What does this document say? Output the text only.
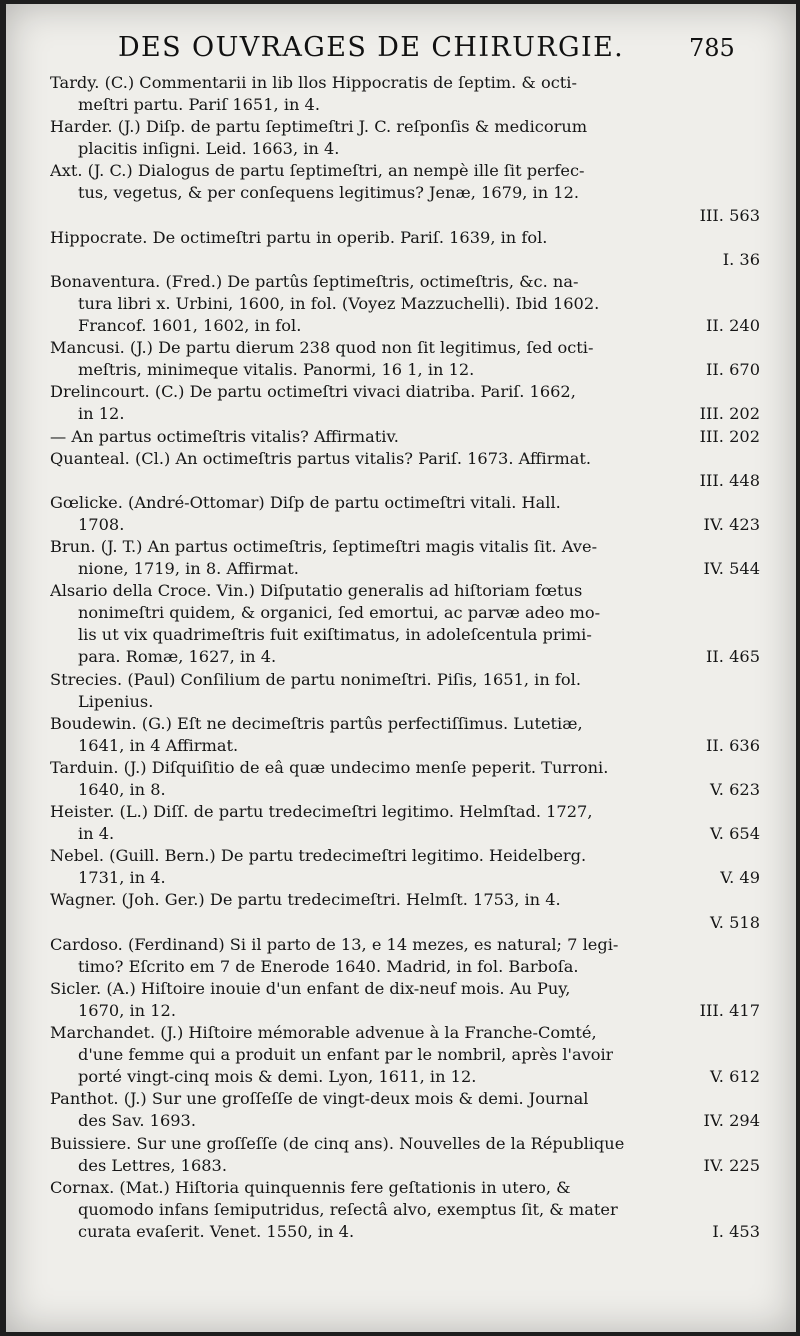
DES OUVRAGES DE CHIRURGIE.	785
Tardy. (C.) Commentarii in lib llos Hippocratis de ſeptim. & octi-
meſtri partu. Pariſ 1651, in 4.
Harder. (J.) Diſp. de partu ſeptimeſtri J. C. reſponſis & medicorum
placitis inſigni. Leid. 1663, in 4.
Axt. (J. C.) Dialogus de partu ſeptimeſtri, an nempè ille ſit perfec-
tus, vegetus, & per conſequens legitimus? Jenæ, 1679, in 12.
III. 563
Hippocrate. De octimeſtri partu in operib. Pariſ. 1639, in fol.
I. 36
Bonaventura. (Fred.) De partûs ſeptimeſtris, octimeſtris, &c. na-
tura libri x. Urbini, 1600, in fol. (Voyez Mazzuchelli). Ibid 1602.
Francof. 1601, 1602, in fol.	II. 240
Mancusi. (J.) De partu dierum 238 quod non ſit legitimus, ſed octi-
meſtris, minimeque vitalis. Panormi, 16 1, in 12.	II. 670
Drelincourt. (C.) De partu octimeſtri vivaci diatriba. Pariſ. 1662,
in 12.	III. 202
— An partus octimeſtris vitalis? Affirmativ.	III. 202
Quanteal. (Cl.) An octimeſtris partus vitalis? Pariſ. 1673. Affirmat.
III. 448
Gœlicke. (André-Ottomar) Diſp de partu octimeſtri vitali. Hall.
1708.	IV. 423
Brun. (J. T.) An partus octimeſtris, ſeptimeſtri magis vitalis ſit. Ave-
nione, 1719, in 8. Affirmat.	IV. 544
Alsario della Croce. Vin.) Diſputatio generalis ad hiſtoriam fœtus
nonimeſtri quidem, & organici, ſed emortui, ac parvæ adeo mo-
lis ut vix quadrimeſtris fuit exiſtimatus, in adoleſcentula primi-
para. Romæ, 1627, in 4.	II. 465
Strecies. (Paul) Conſilium de partu nonimeſtri. Piſis, 1651, in fol.
Lipenius.
Boudewin. (G.) Eſt ne decimeſtris partûs perfectiſſimus. Lutetiæ,
1641, in 4 Affirmat.	II. 636
Tarduin. (J.) Diſquiſitio de eâ quæ undecimo menſe peperit. Turroni.
1640, in 8.	V. 623
Heister. (L.) Diſſ. de partu tredecimeſtri legitimo. Helmſtad. 1727,
in 4.	V. 654
Nebel. (Guill. Bern.) De partu tredecimeſtri legitimo. Heidelberg.
1731, in 4.	V. 49
Wagner. (Joh. Ger.) De partu tredecimeſtri. Helmſt. 1753, in 4.
V. 518
Cardoso. (Ferdinand) Si il parto de 13, e 14 mezes, es natural; 7 legi-
timo? Eſcrito em 7 de Enerode 1640. Madrid, in fol. Barboſa.
Sicler. (A.) Hiſtoire inouie d'un enfant de dix-neuf mois. Au Puy,
1670, in 12.	III. 417
Marchandet. (J.) Hiſtoire mémorable advenue à la Franche-Comté,
d'une femme qui a produit un enfant par le nombril, après l'avoir
porté vingt-cinq mois & demi. Lyon, 1611, in 12.	V. 612
Panthot. (J.) Sur une groſſeſſe de vingt-deux mois & demi. Journal
des Sav. 1693.	IV. 294
Buissiere. Sur une groſſeſſe (de cinq ans). Nouvelles de la République
des Lettres, 1683.	IV. 225
Cornax. (Mat.) Hiſtoria quinquennis fere geſtationis in utero, &
quomodo infans ſemiputridus, reſectâ alvo, exemptus ſit, & mater
curata evaſerit. Venet. 1550, in 4.	I. 453
